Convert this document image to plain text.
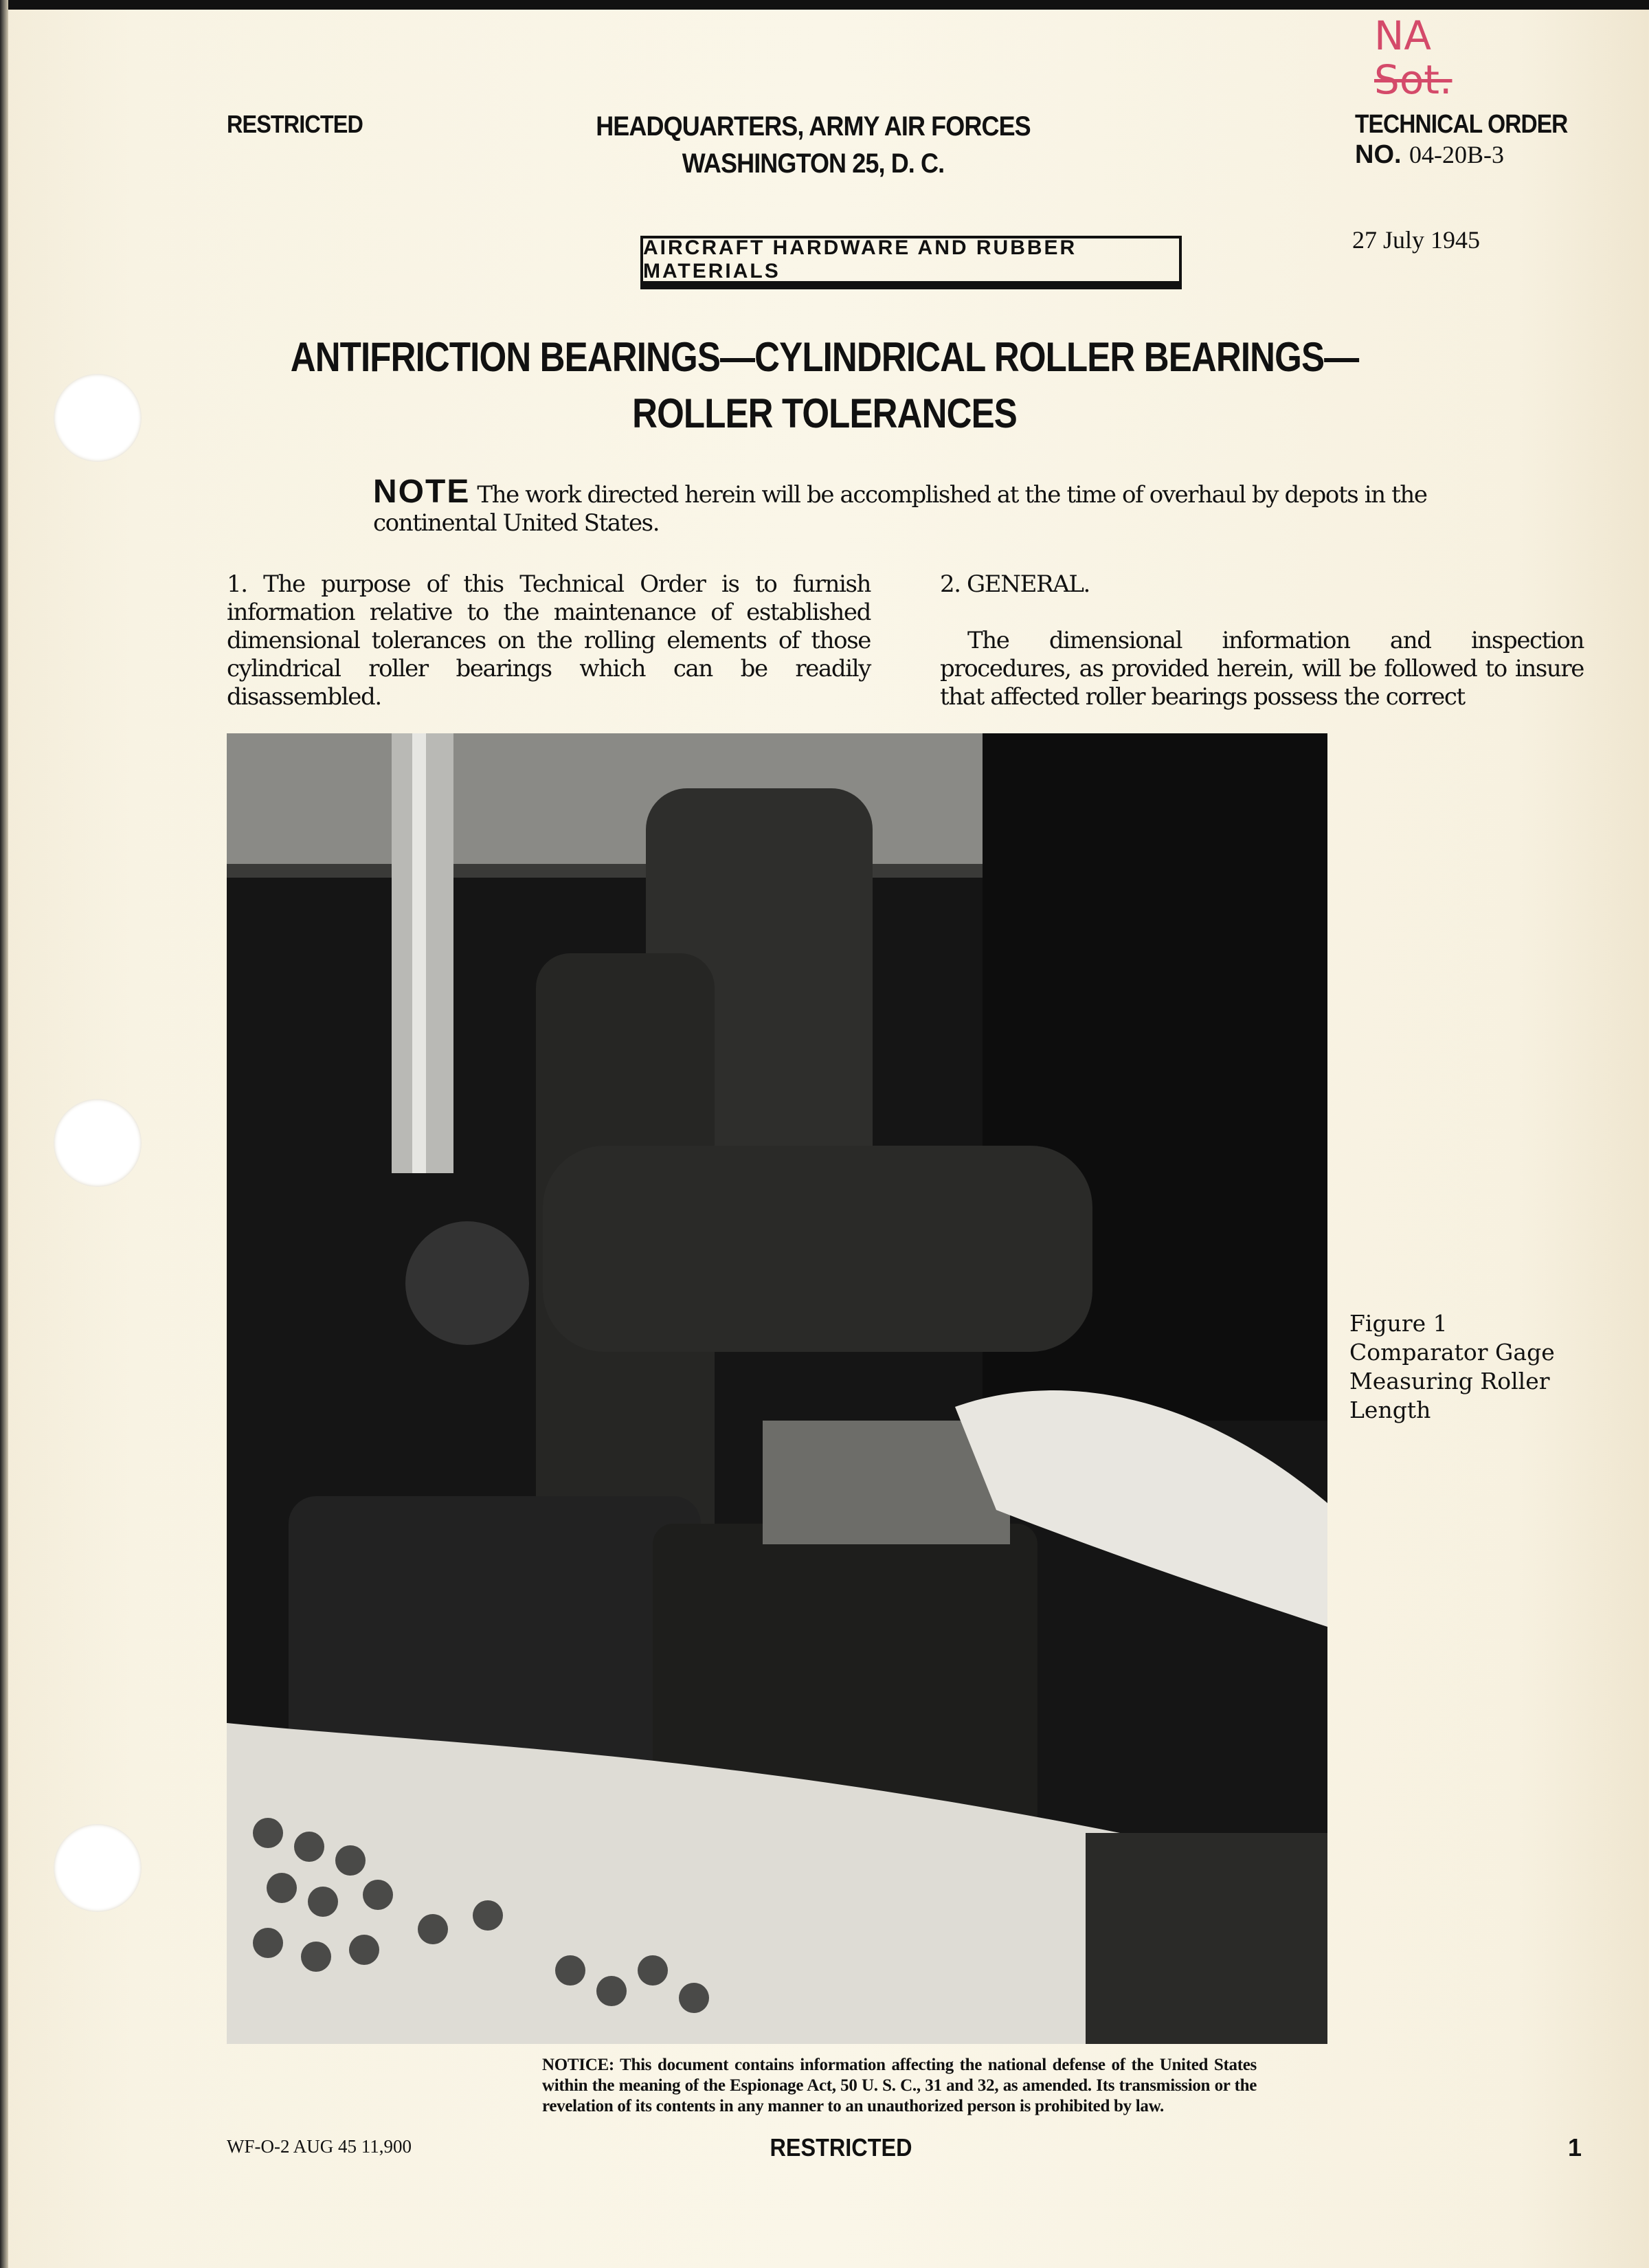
NA
Sot.
RESTRICTED	HEADQUARTERS, ARMY AIR FORCES
WASHINGTON 25, D. C.
TECHNICAL ORDER
NO. 04-20B-3
27 July 1945
AIRCRAFT HARDWARE AND RUBBER MATERIALS
ANTIFRICTION BEARINGS—CYLINDRICAL ROLLER BEARINGS—
ROLLER TOLERANCES
NOTE The work directed herein will be accomplished at the time of overhaul by depots in the continental United States.

1. The purpose of this Technical Order is to furnish information relative to the maintenance of established dimensional tolerances on the rolling elements of those cylindrical roller bearings which can be readily disassembled.

2. GENERAL.

The dimensional information and inspection procedures, as provided herein, will be followed to insure that affected roller bearings possess the correct

Figure 1
Comparator Gage
Measuring Roller
Length
NOTICE: This document contains information affecting the national defense of the United States within the meaning of the Espionage Act, 50 U. S. C., 31 and 32, as amended. Its transmission or the revelation of its contents in any manner to an unauthorized person is prohibited by law.
WF-O-2 AUG 45 11,900	RESTRICTED	1
